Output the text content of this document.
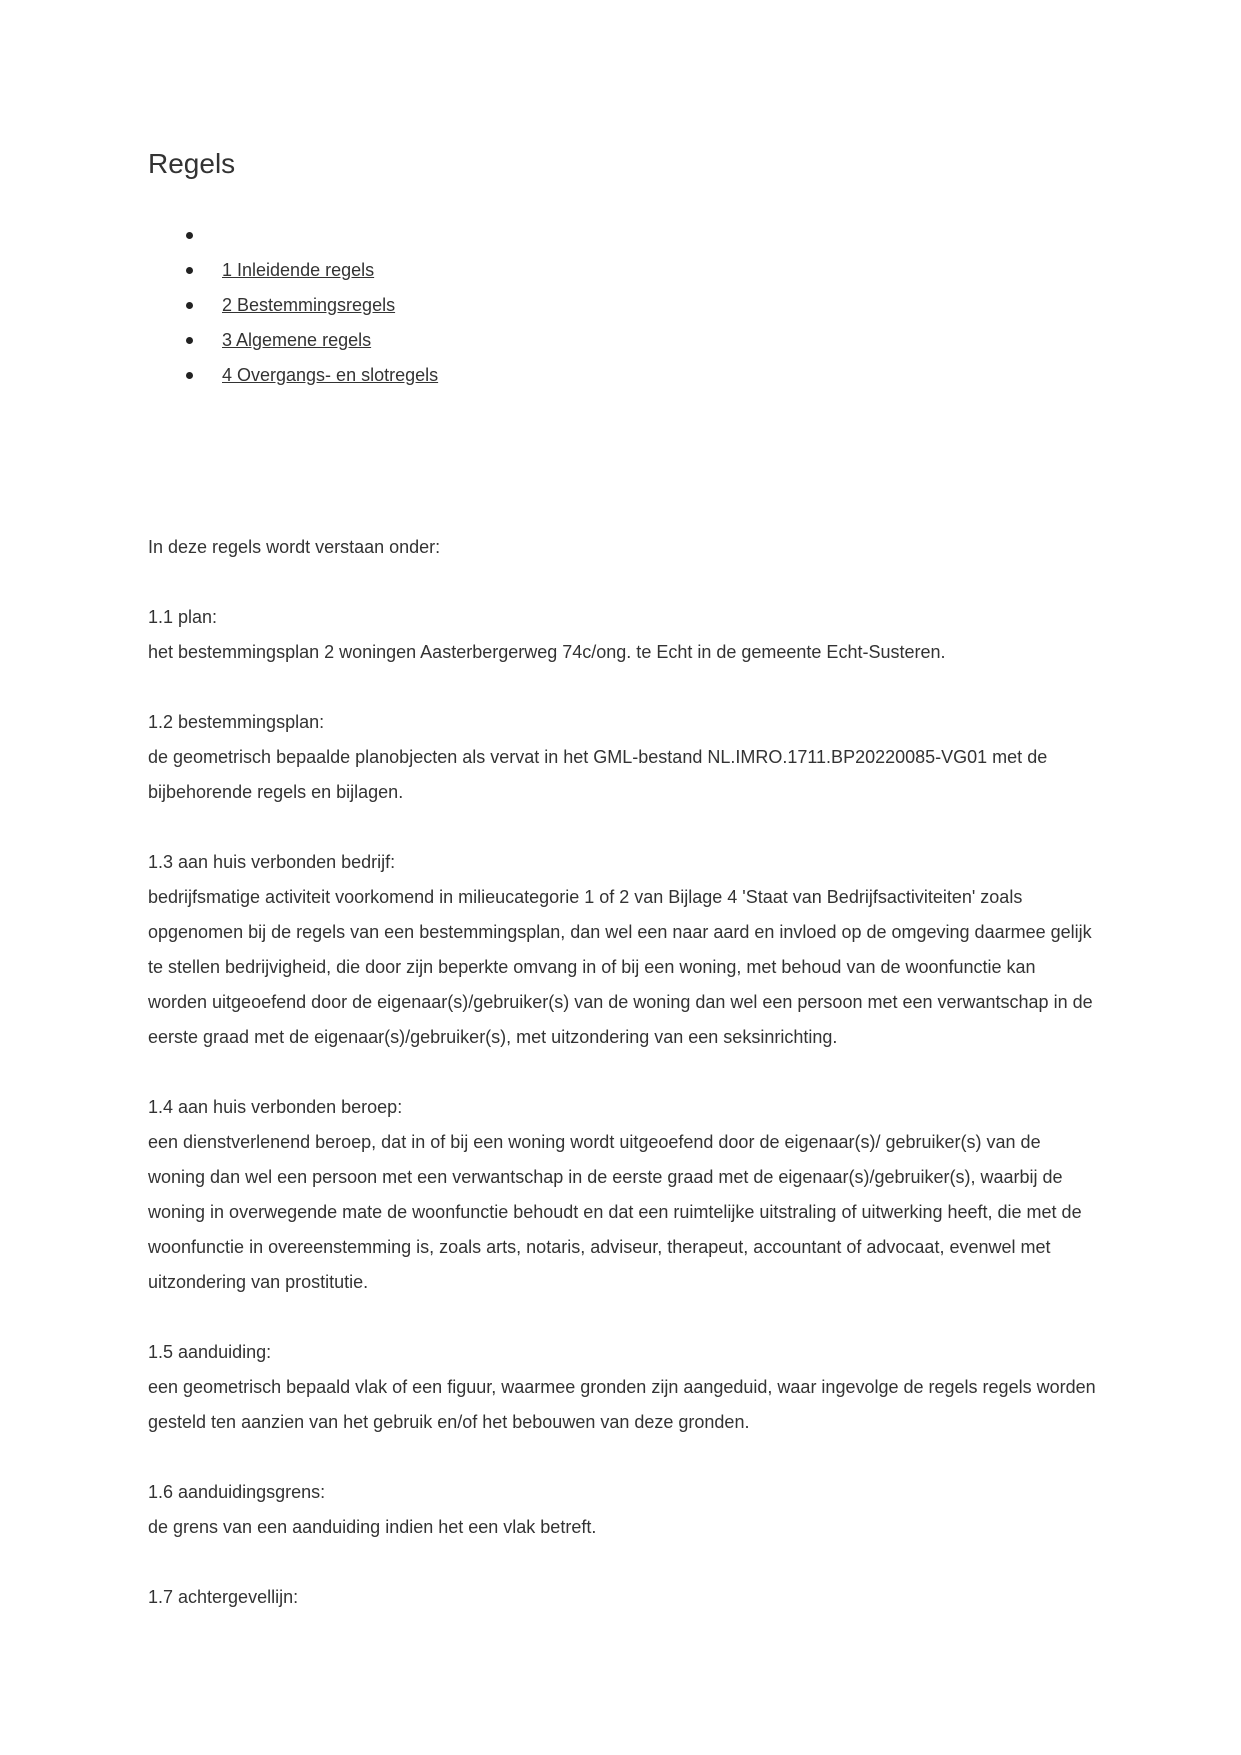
Regels
1 Inleidende regels
2 Bestemmingsregels
3 Algemene regels
4 Overgangs- en slotregels

In deze regels wordt verstaan onder:

1.1 plan:
het bestemmingsplan 2 woningen Aasterbergerweg 74c/ong. te Echt in de gemeente Echt-Susteren.
1.2 bestemmingsplan:
de geometrisch bepaalde planobjecten als vervat in het GML-bestand NL.IMRO.1711.BP20220085-VG01 met de bijbehorende regels en bijlagen.
1.3 aan huis verbonden bedrijf:
bedrijfsmatige activiteit voorkomend in milieucategorie 1 of 2 van Bijlage 4 'Staat van Bedrijfsactiviteiten' zoals opgenomen bij de regels van een bestemmingsplan, dan wel een naar aard en invloed op de omgeving daarmee gelijk te stellen bedrijvigheid, die door zijn beperkte omvang in of bij een woning, met behoud van de woonfunctie kan worden uitgeoefend door de eigenaar(s)/gebruiker(s) van de woning dan wel een persoon met een verwantschap in de eerste graad met de eigenaar(s)/gebruiker(s), met uitzondering van een seksinrichting.
1.4 aan huis verbonden beroep:
een dienstverlenend beroep, dat in of bij een woning wordt uitgeoefend door de eigenaar(s)/ gebruiker(s) van de woning dan wel een persoon met een verwantschap in de eerste graad met de eigenaar(s)/gebruiker(s), waarbij de woning in overwegende mate de woonfunctie behoudt en dat een ruimtelijke uitstraling of uitwerking heeft, die met de woonfunctie in overeenstemming is, zoals arts, notaris, adviseur, therapeut, accountant of advocaat, evenwel met uitzondering van prostitutie.
1.5 aanduiding:
een geometrisch bepaald vlak of een figuur, waarmee gronden zijn aangeduid, waar ingevolge de regels regels worden gesteld ten aanzien van het gebruik en/of het bebouwen van deze gronden.
1.6 aanduidingsgrens:
de grens van een aanduiding indien het een vlak betreft.
1.7 achtergevellijn:
